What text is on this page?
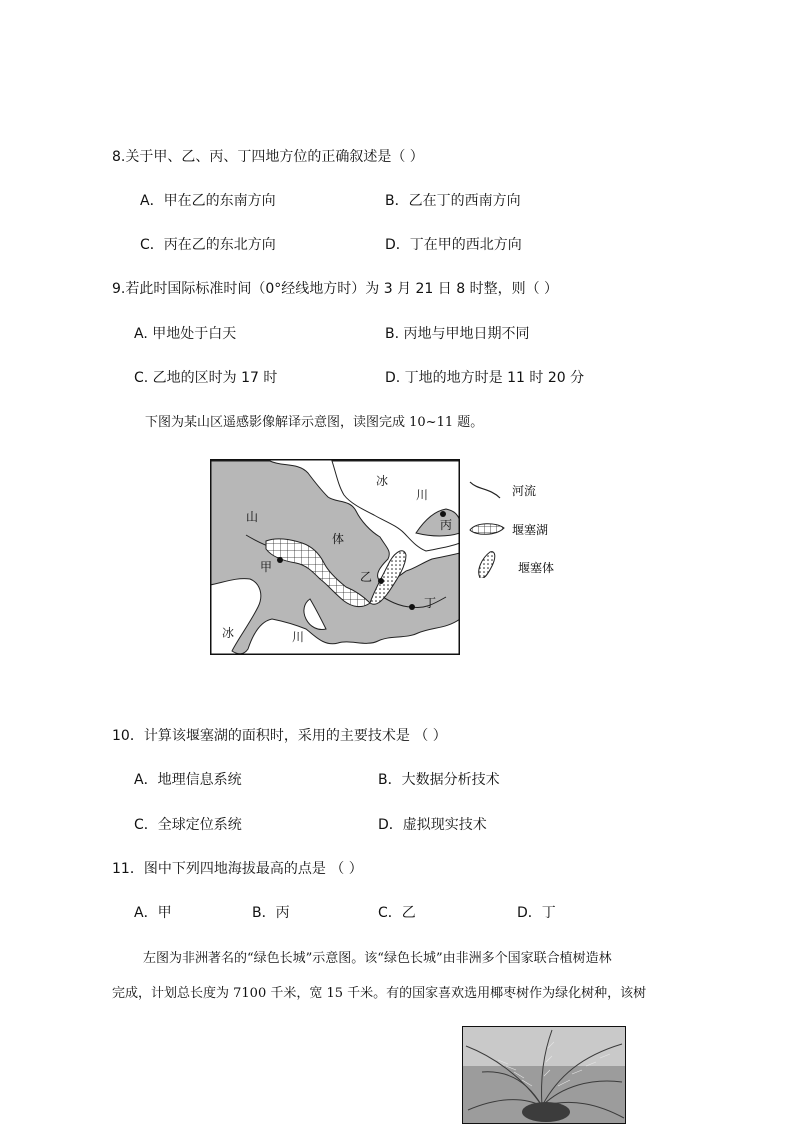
8.关于甲、乙、丙、丁四地方位的正确叙述是（ ）
A．甲在乙的东南方向	B．乙在丁的西南方向
C．丙在乙的东北方向	D．丁在甲的西北方向
9.若此时国际标准时间（0°经线地方时）为 3 月 21 日 8 时整，则（ ）
A. 甲地处于白天	B. 丙地与甲地日期不同
C. 乙地的区时为 17 时	D. 丁地的地方时是 11 时 20 分
下图为某山区遥感影像解译示意图，读图完成 10~11 题。
冰
川
山
体
甲
乙
丙
丁
冰	川
河流
堰塞湖
堰塞体
10．计算该堰塞湖的面积时，采用的主要技术是 （ ）
A．地理信息系统	B．大数据分析技术
C．全球定位系统	D．虚拟现实技术
11．图中下列四地海拔最高的点是 （ ）
A．甲	B．丙	C．乙	D．丁
左图为非洲著名的“绿色长城”示意图。该“绿色长城”由非洲多个国家联合植树造林
完成，计划总长度为 7100 千米，宽 15 千米。有的国家喜欢选用椰枣树作为绿化树种，该树
